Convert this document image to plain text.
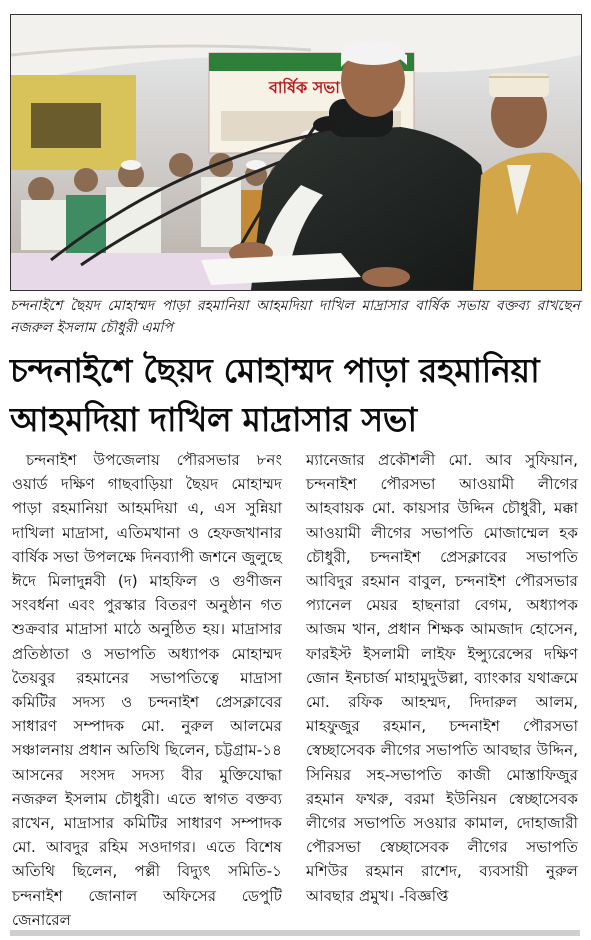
বার্ষিক সভা
চন্দনাইশে ছৈয়দ মোহাম্মদ পাড়া রহমানিয়া আহমদিয়া দাখিল মাদ্রাসার বার্ষিক সভায় বক্তব্য রাখছেন নজরুল ইসলাম চৌধুরী এমপি
চন্দনাইশে ছৈয়দ মোহাম্মদ পাড়া রহমানিয়া
আহমদিয়া দাখিল মাদ্রাসার সভা

চন্দনাইশ উপজেলায় পৌরসভার ৮নং ওয়ার্ড দক্ষিণ গাছবাড়িয়া ছৈয়দ মোহাম্মদ পাড়া রহমানিয়া আহমদিয়া এ, এস সুন্নিয়া দাখিলা মাদ্রাসা, এতিমখানা ও হেফজখানার বার্ষিক সভা উপলক্ষে দিনব্যাপী জশনে জুলুছে ঈদে মিলাদুন্নবী (দ) মাহফিল ও গুণীজন সংবর্ধনা এবং পুরস্কার বিতরণ অনুষ্ঠান গত শুক্রবার মাদ্রাসা মাঠে অনুষ্ঠিত হয়। মাদ্রাসার প্রতিষ্ঠাতা ও সভাপতি অধ্যাপক মোহাম্মদ তৈয়বুর রহমানের সভাপতিত্বে মাদ্রাসা কমিটির সদস্য ও চন্দনাইশ প্রেসক্লাবের সাধারণ সম্পাদক মো. নুরুল আলমের সঞ্চালনায় প্রধান অতিথি ছিলেন, চট্টগ্রাম-১৪ আসনের সংসদ সদস্য বীর মুক্তিযোদ্ধা নজরুল ইসলাম চৌধুরী। এতে স্বাগত বক্তব্য রাখেন, মাদ্রাসার কমিটির সাধারণ সম্পাদক মো. আবদুর রহিম সওদাগর। এতে বিশেষ অতিথি ছিলেন, পল্লী বিদ্যুৎ সমিতি-১ চন্দনাইশ জোনাল অফিসের ডেপুটি জেনারেল

ম্যানেজার প্রকৌশলী মো. আব সুফিয়ান, চন্দনাইশ পৌরসভা আওয়ামী লীগের আহবায়ক মো. কায়সার উদ্দিন চৌধুরী, মক্কা আওয়ামী লীগের সভাপতি মোজাম্মেল হক চৌধুরী, চন্দনাইশ প্রেসক্লাবের সভাপতি আবিদুর রহমান বাবুল, চন্দনাইশ পৌরসভার প্যানেল মেয়র হাছনারা বেগম, অধ্যাপক আজম খান, প্রধান শিক্ষক আমজাদ হোসেন, ফারইস্ট ইসলামী লাইফ ইন্স্যুরেন্সের দক্ষিণ জোন ইনচার্জ মাহামুদুউল্লা, ব্যাংকার যথাক্রমে মো. রফিক আহম্মদ, দিদারুল আলম, মাহফুজুর রহমান, চন্দনাইশ পৌরসভা স্বেচ্ছাসেবক লীগের সভাপতি আবছার উদ্দিন, সিনিয়র সহ-সভাপতি কাজী মোস্তাফিজুর রহমান ফখরু, বরমা ইউনিয়ন স্বেচ্ছাসেবক লীগের সভাপতি সওয়ার কামাল, দোহাজারী পৌরসভা স্বেচ্ছাসেবক লীগের সভাপতি মশিউর রহমান রাশেদ, ব্যবসায়ী নুরুল আবছার প্রমুখ। -বিজ্ঞপ্তি
